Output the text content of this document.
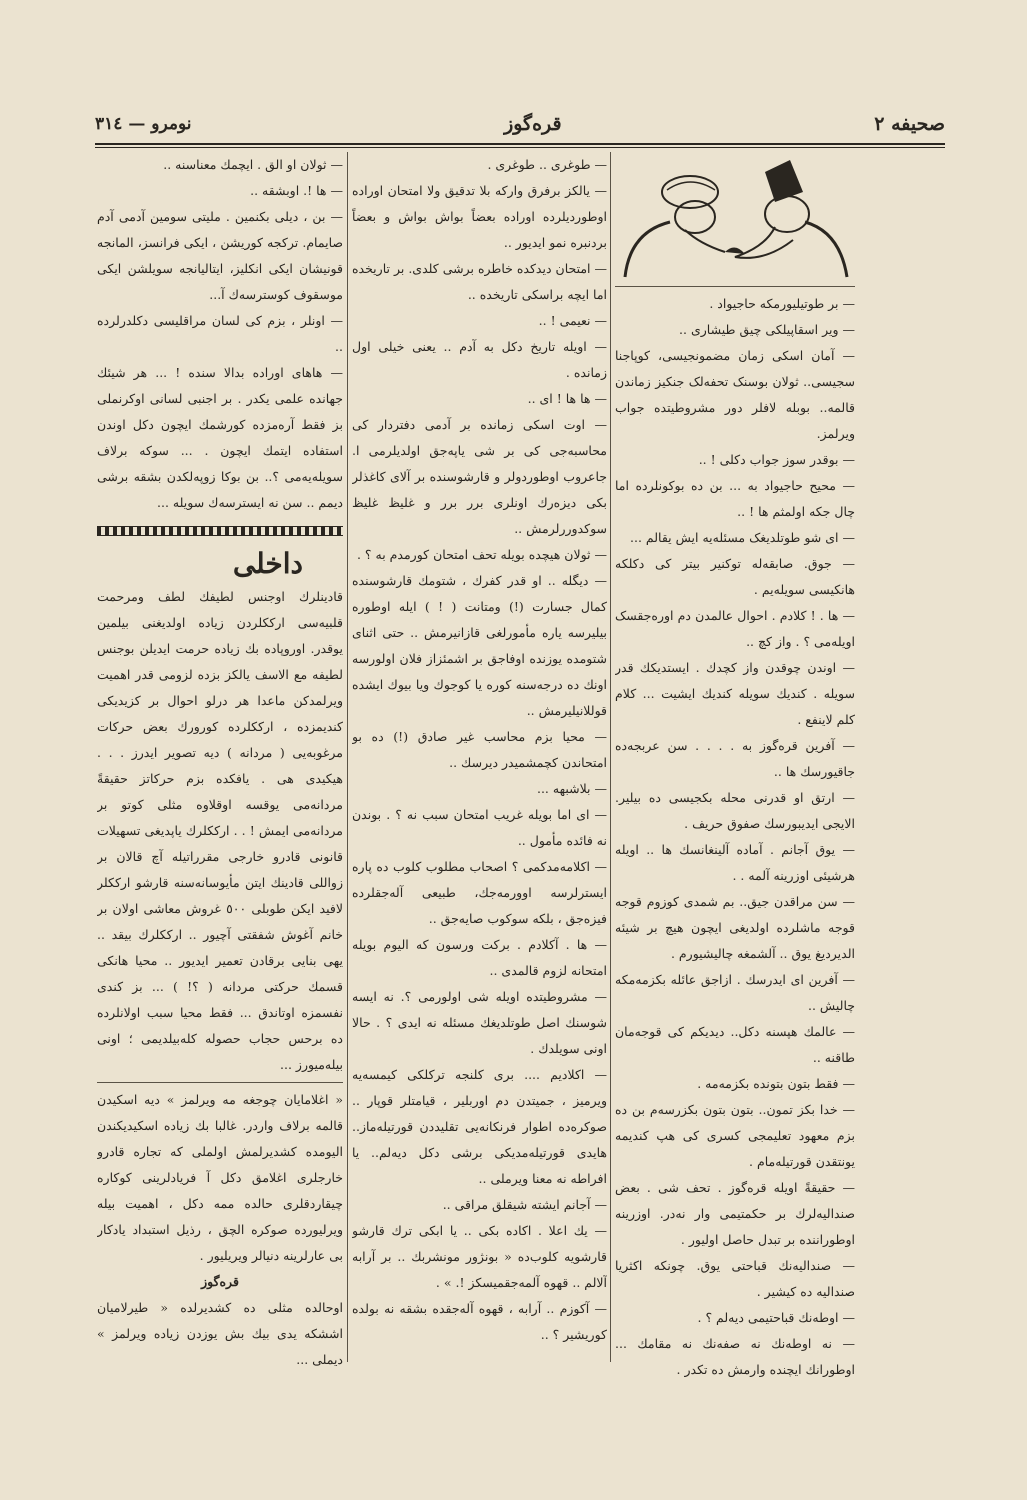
صحیفه ۲
قره‌گوز
نومرو — ۳۱٤

— بر طوتیلیورمکه حاجیواد .

— ویر اسقاپیلکی چیق طیشاری ..

— آمان اسکی زمان مضمونجیسی، کوپاجنا سجیسی.. ثولان بوسنک تحفه‌لک جنکیز زماندن قالمه.. بوبله لافلر دور مشروطیتده جواب ویرلمز.

— بوقدر سوز جواب دکلی ! ..

— محیح حاجیواد به ... بن ده بوکونلرده اما چال جکه اولمثم ها ! ..

— ای شو طوتلدیغک مسئله‌یه ایش یقالم ...

— جوق. صابقه‌له توکنیر بیتر کی دکلکه هانکیسی سویله‌یم .

— ها . ! کلادم . احوال عالمدن دم اوره‌جقسک اویله‌می ؟ . واز کچ ..

— اوندن چوقدن واز کچدك . ایستدیکك قدر سویله . کندیك سویله کندیك ایشیت ... کلام کلم لاینفع .

— آفرین قره‌گوز به . . . . سن عربجه‌ده جاقیورسك ها ..

— ارتق او قدرنی محله بکجیسی ده بیلیر. الایجی ایدیبورسك صفوق حریف .

— یوق آجانم . آماده آلینغانسك ها .. اویله هرشیئی اوزرینه آلمه . .

— سن مراقدن جیق.. بم شمدی کوزوم قوجه قوجه ماشلرده اولدیغی ایچون هیچ بر شیئه الدیردیغ یوق .. آلشمغه چالیشیورم .

— آفرین ای ایدرسك . ازاجق عائله بکزمه‌مکه چالیش ..

— عالمك هپسنه دکل.. دیدیکم کی قوجه‌مان طاقنه ..

— فقط بتون بتونده بکزمه‌مه .

— خدا بکز تمون.. بتون بتون بکزرسه‌م بن ده بزم معهود تعلیمجی کسری کی هپ کندیمه یونتقدن قورتیله‌مام .

— حقیقةً اویله قره‌گوز . تحف شی . بعض صندالیه‌لرك بر حکمتیمی وار نه‌در. اوزرینه اوطوراننده بر تبدل حاصل اولیور .

— صندالیه‌نك قباحتی یوق. چونکه اکثریا صندالیه ده کیشیر .

— اوطه‌نك قباحتیمی دیه‌لم ؟ .

— نه اوطه‌نك نه صفه‌نك نه مقامك ... اوطورانك ایچنده وارمش ده تکدر .

— طوغری .. طوغری .

— یالکز برفرق وارکه بلا تدقیق ولا امتحان اوراده اوطوردیلرده اوراده بعضاً بواش بواش و بعضاً بردنبره نمو ایدیور ..

— امتحان دیدکده خاطره برشی کلدی. بر تاریخده اما ایچه براسکی تاریخده ..

— نعیمی ! ..

— اویله تاریخ دکل به آدم .. یعنی خیلی اول زمانده .

— ها ها ! ای ..

— اوت اسکی زمانده بر آدمی دفتردار کی محاسبه‌جی کی بر شی یاپه‌جق اولدیلرمی ا. جاعروب اوطوردولر و قارشوسنده بر آلای کاغذلر بکی دیزه‌رك اونلری برر برر و غلیظ غلیظ سوکدوررلرمش ..

— ثولان هیچده بویله تحف امتحان کورمدم به ؟ .

— دیگله .. او قدر کفرك ، شتومك قارشوسنده کمال جسارت (!) ومتانت ( ! ) ایله اوطوره بیلیرسه یاره مأمورلغی قازانیرمش .. حتی اثنای شتومده یوزنده اوفاجق بر اشمئزاز فلان اولورسه اونك ده درجه‌سنه کوره یا کوجوك ویا بیوك ایشده قوللانیلیرمش ..

— محیا بزم محاسب غیر صادق (!) ده بو امتحاندن کچمشمیدر دیرسك ..

— بلاشبهه ...

— ای اما بویله غریب امتحان سبب نه ؟ . بوندن نه فائده مأمول ..

— اکلامه‌مدکمی ؟ اصحاب مطلوب کلوب ده پاره ایسترلرسه اوورمه‌جك، طبیعی آله‌جقلرده فیزه‌جق ، بلکه سوکوب صایه‌جق ..

— ها . آکلادم . برکت ورسون که الیوم بویله امتحانه لزوم قالمدی ..

— مشروطیتده اویله شی اولورمی ؟. نه ایسه شوسنك اصل طوتلدیغك مسئله نه ایدی ؟ . حالا اونی سویلدك .

— اکلادیم .... بری کلنجه ترکلکی کیمسه‌یه ویرمیز ، جمیتدن دم اوربلیر ، قیامتلر قوپار .. صوکره‌ده اطوار فرنکانه‌یی تقلیددن قورتیله‌ماز.. هایدی قورتیله‌مدیکی برشی دکل دیه‌لم.. یا افراطه نه معنا ویرملی ..

— آجانم ایشته شیقلق مراقی ..

— یك اعلا . اکاده بکی .. یا ابکی ترك قارشو قارشویه کلوب‌ده « بونژور مونشربك .. بر آرابه آلالم .. قهوه آلمه‌جقمیسکز !. » .

— آکوزم .. آرابه ، قهوه آله‌جقده بشقه نه بولده کوریشیر ؟ ..

— ثولان او الق . ایچمك معناسنه ..

— ها !. اوبشقه ..

— بن ، دیلی بکنمین . ملیتی سومین آدمی آدم صایمام. ترکجه کوریشن ، ایکی فرانسز، المانجه قونیشان ایکی انکلیز، ایتالیانجه سویلشن ایکی موسقوف کوسترسه‌ك آ...

— اونلر ، بزم کی لسان مراقلیسی دکلدرلرده ..

— هاهای اوراده بدالا سنده ! ... هر شیئك جهانده علمی یکدر . بر اجنبی لسانی اوکرنملی بز فقط آره‌مزده کورشمك ایچون دکل اوندن استفاده ایتمك ایچون . ... سوکه برلاف سویله‌یه‌می ؟.. بن بوکا زوپه‌لکدن بشقه برشی دیمم .. سن نه ایسترسه‌ك سویله ...

داخلی

قادینلرك اوجنس لطیفك لطف ومرحمت قلبیه‌سی ارککلردن زیاده اولدیغنی بیلمین یوقدر. اوروپاده بك زیاده حرمت ایدیلن بوجنس لطیفه مع الاسف یالکز بزده لزومی قدر اهمیت ویرلمدکن ماعدا هر درلو احوال بر کزیدیکی کندیمزده ، ارککلرده کورورك بعض حرکات مرغوبه‌یی ( مردانه ) دیه تصویر ایدرز . . . هیکیدی هی . یافکده بزم حرکاتز حقیقةً مردانه‌می یوقسه اوقلاوه مثلی کوتو بر مردانه‌می ایمش ! . . ارککلرك یاپدیغی تسهیلات قانونی قادرو خارجی مقرراتیله آچ قالان بر زواللی قادینك ایتن مأیوسانه‌سنه قارشو ارککلر لافید ایکن طوبلی ٥٠٠ غروش معاشی اولان بر خانم آغوش شفقتی آچیور .. ارککلرك بیقد .. یهی بنایی برقادن تعمیر ایدیور .. محیا هانکی قسمك حرکتی مردانه ( ؟! ) ... بز کندی نفسمزه اوتاندق ... فقط محیا سبب اولانلرده ده برحس حجاب حصوله کله‌بیلدیمی ؛ اونی بیله‌میورز ...

« اغلامایان چوجغه مه ویرلمز » دیه اسکیدن قالمه برلاف واردر. غالبا بك زیاده اسکیدیکندن الیومده کشدیرلمش اولملی که تجاره قادرو خارجلری اغلامق دکل آ فریادلرینی کوکاره چیقاردقلری حالده ممه دکل ، اهمیت بیله ویرلیورده صوکره الچق ، رذیل استبداد یادکار بی عارلرینه دنیالر ویریلیور .

قره‌گوز

اوحالده مثلی ده کشدیرلده « طیرلامیان اششکه یدی بیك بش یوزدن زیاده ویرلمز » دیملی ...
